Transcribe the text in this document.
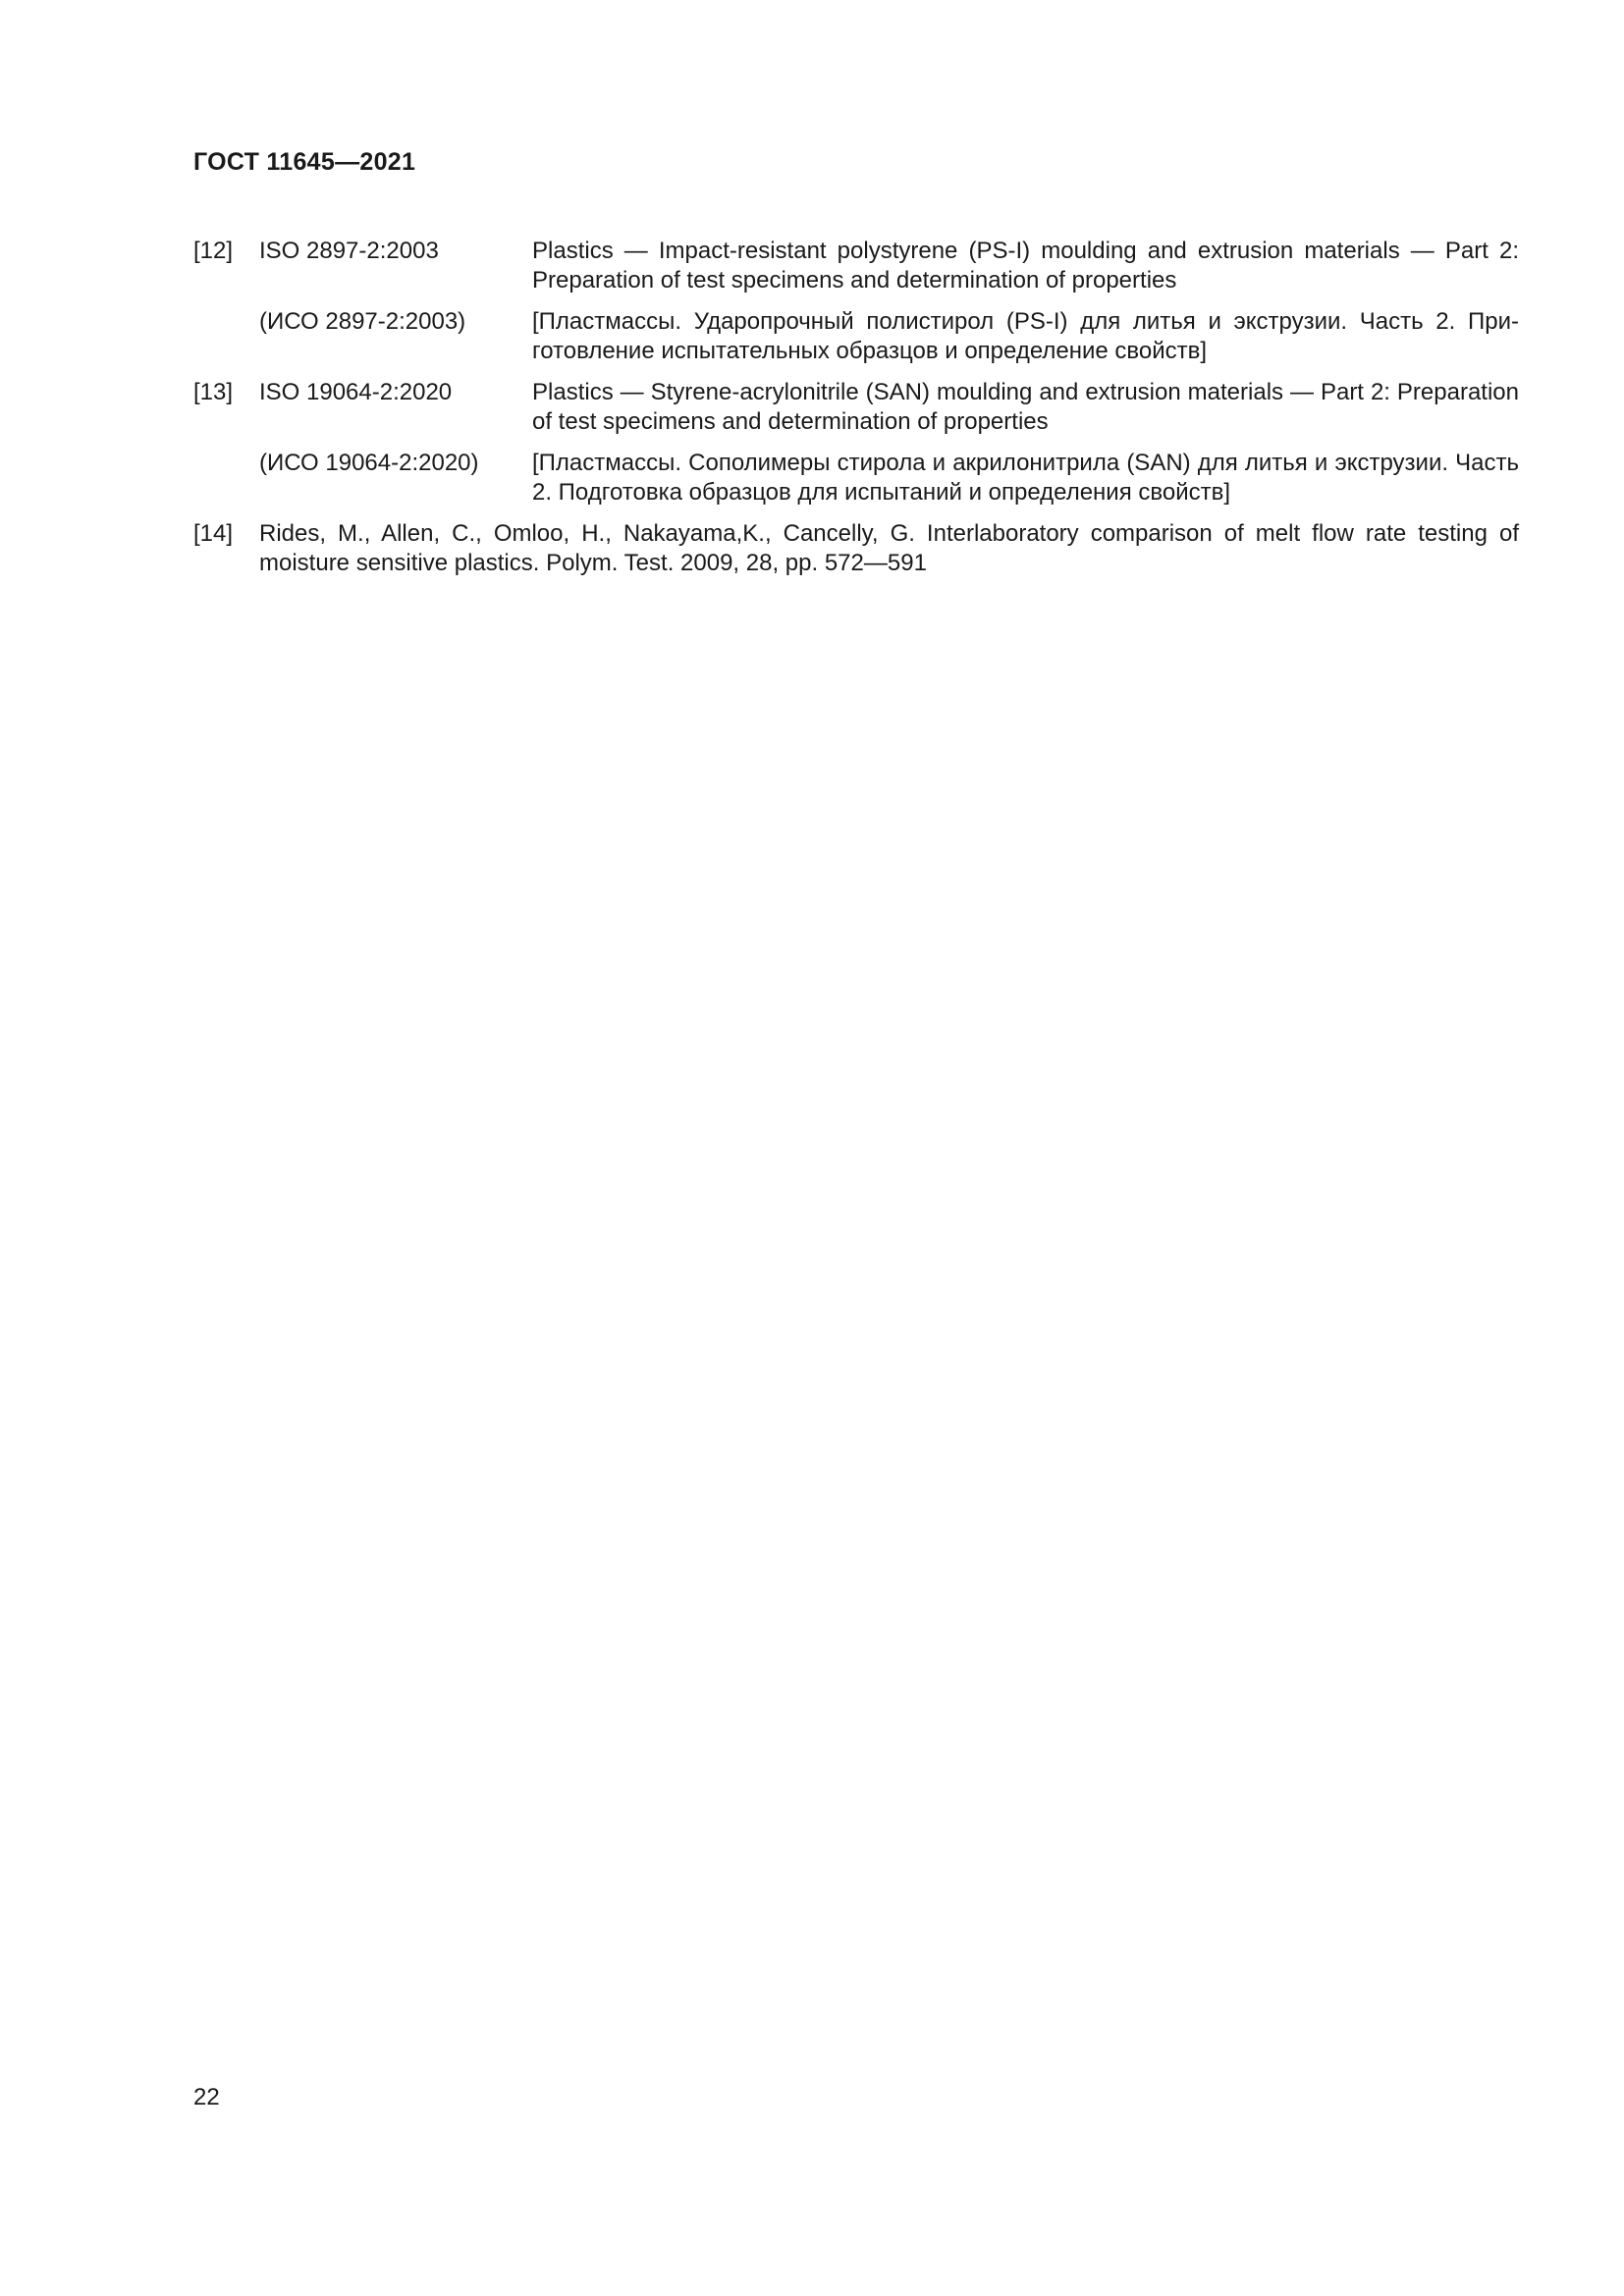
ГОСТ 11645—2021
[12]	ISO 2897-2:2003	Plastics — Impact-resistant polystyrene (PS-I) moulding and extrusion materials — Part 2: Preparation of test specimens and determination of properties
(ИСО 2897-2:2003)	[Пластмассы. Ударопрочный полистирол (PS-I) для литья и экструзии. Часть 2. Приготовление испытательных образцов и определение свойств]
[13]	ISO 19064-2:2020	Plastics — Styrene-acrylonitrile (SAN) moulding and extrusion materials — Part 2: Preparation of test specimens and determination of properties
(ИСО 19064-2:2020)	[Пластмассы. Сополимеры стирола и акрилонитрила (SAN) для литья и экструзии. Часть 2. Подготовка образцов для испытаний и определения свойств]
[14]	Rides, M., Allen, C., Omloo, H., Nakayama,K., Cancelly, G. Interlaboratory comparison of melt flow rate testing of moisture sensitive plastics. Polym. Test. 2009, 28, pp. 572—591
22
